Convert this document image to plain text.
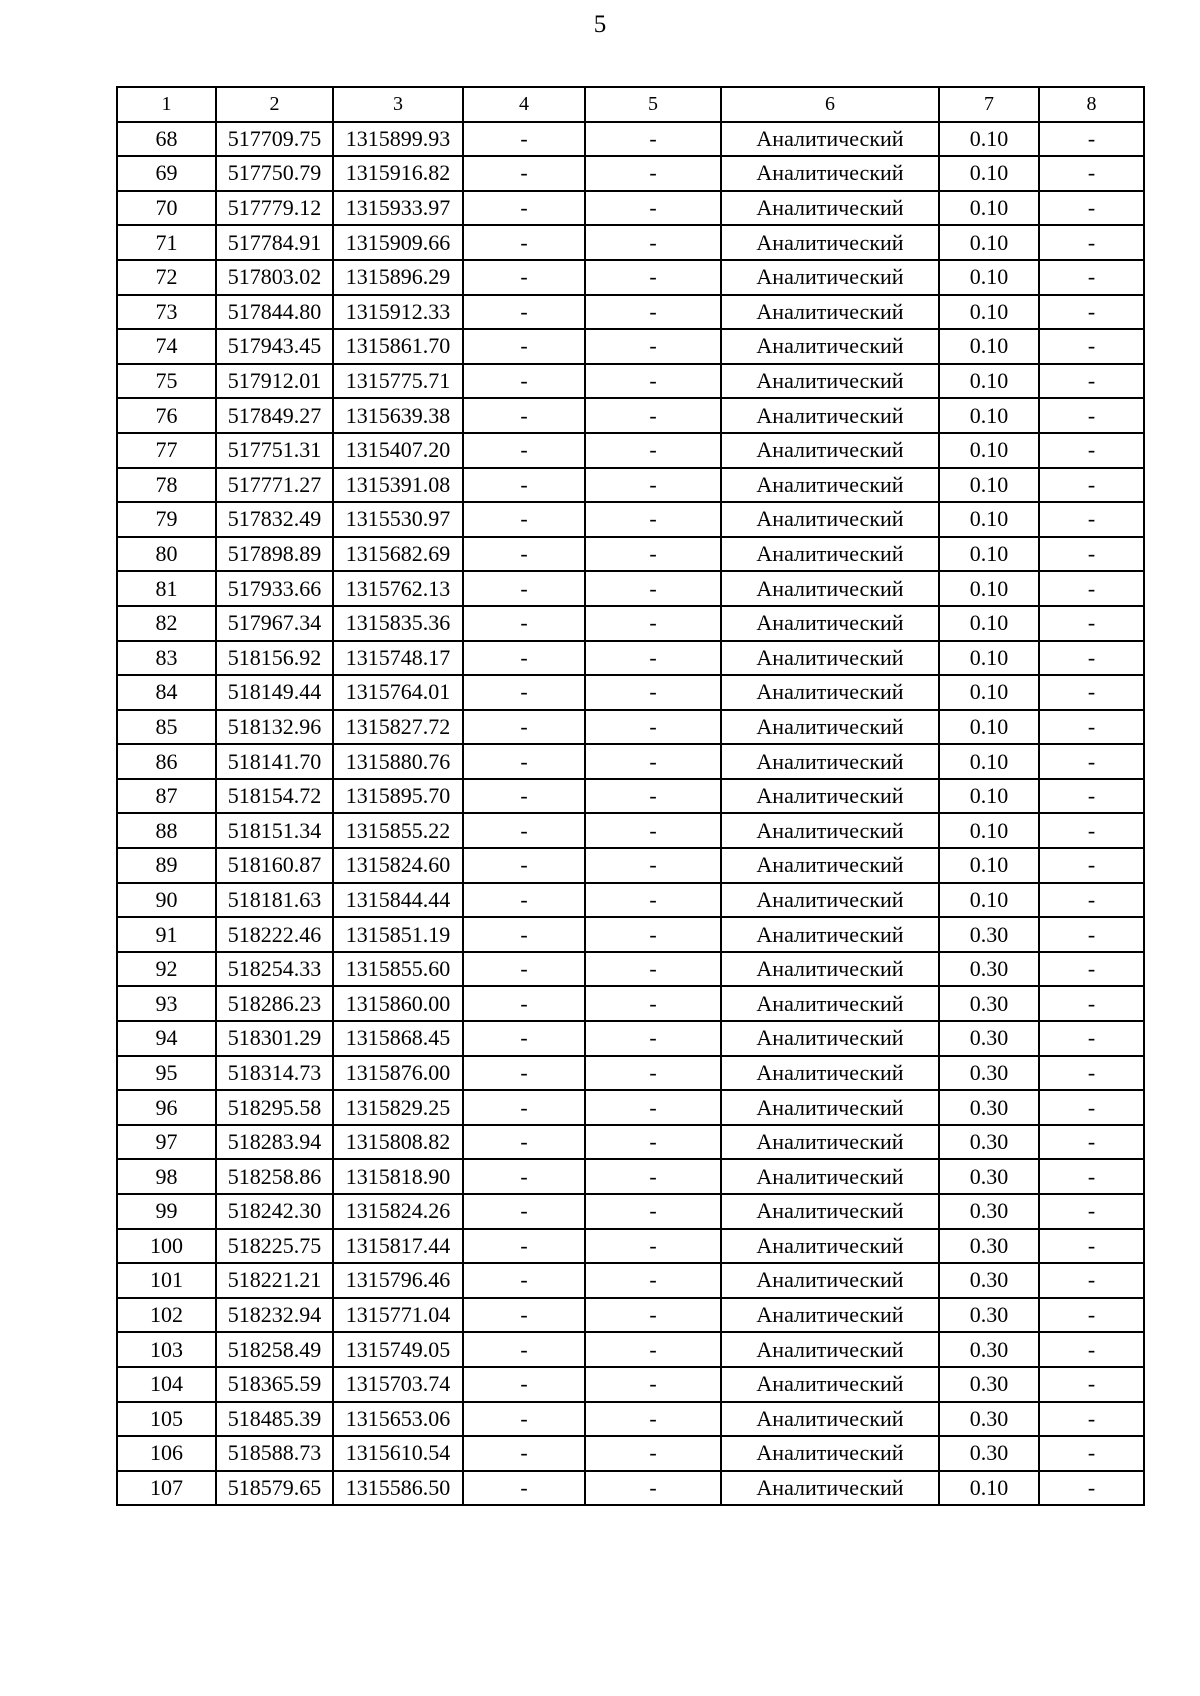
5
1	2	3	4	5	6	7	8
68	517709.75	1315899.93	-	-	Аналитический	0.10	-
69	517750.79	1315916.82	-	-	Аналитический	0.10	-
70	517779.12	1315933.97	-	-	Аналитический	0.10	-
71	517784.91	1315909.66	-	-	Аналитический	0.10	-
72	517803.02	1315896.29	-	-	Аналитический	0.10	-
73	517844.80	1315912.33	-	-	Аналитический	0.10	-
74	517943.45	1315861.70	-	-	Аналитический	0.10	-
75	517912.01	1315775.71	-	-	Аналитический	0.10	-
76	517849.27	1315639.38	-	-	Аналитический	0.10	-
77	517751.31	1315407.20	-	-	Аналитический	0.10	-
78	517771.27	1315391.08	-	-	Аналитический	0.10	-
79	517832.49	1315530.97	-	-	Аналитический	0.10	-
80	517898.89	1315682.69	-	-	Аналитический	0.10	-
81	517933.66	1315762.13	-	-	Аналитический	0.10	-
82	517967.34	1315835.36	-	-	Аналитический	0.10	-
83	518156.92	1315748.17	-	-	Аналитический	0.10	-
84	518149.44	1315764.01	-	-	Аналитический	0.10	-
85	518132.96	1315827.72	-	-	Аналитический	0.10	-
86	518141.70	1315880.76	-	-	Аналитический	0.10	-
87	518154.72	1315895.70	-	-	Аналитический	0.10	-
88	518151.34	1315855.22	-	-	Аналитический	0.10	-
89	518160.87	1315824.60	-	-	Аналитический	0.10	-
90	518181.63	1315844.44	-	-	Аналитический	0.10	-
91	518222.46	1315851.19	-	-	Аналитический	0.30	-
92	518254.33	1315855.60	-	-	Аналитический	0.30	-
93	518286.23	1315860.00	-	-	Аналитический	0.30	-
94	518301.29	1315868.45	-	-	Аналитический	0.30	-
95	518314.73	1315876.00	-	-	Аналитический	0.30	-
96	518295.58	1315829.25	-	-	Аналитический	0.30	-
97	518283.94	1315808.82	-	-	Аналитический	0.30	-
98	518258.86	1315818.90	-	-	Аналитический	0.30	-
99	518242.30	1315824.26	-	-	Аналитический	0.30	-
100	518225.75	1315817.44	-	-	Аналитический	0.30	-
101	518221.21	1315796.46	-	-	Аналитический	0.30	-
102	518232.94	1315771.04	-	-	Аналитический	0.30	-
103	518258.49	1315749.05	-	-	Аналитический	0.30	-
104	518365.59	1315703.74	-	-	Аналитический	0.30	-
105	518485.39	1315653.06	-	-	Аналитический	0.30	-
106	518588.73	1315610.54	-	-	Аналитический	0.30	-
107	518579.65	1315586.50	-	-	Аналитический	0.10	-
